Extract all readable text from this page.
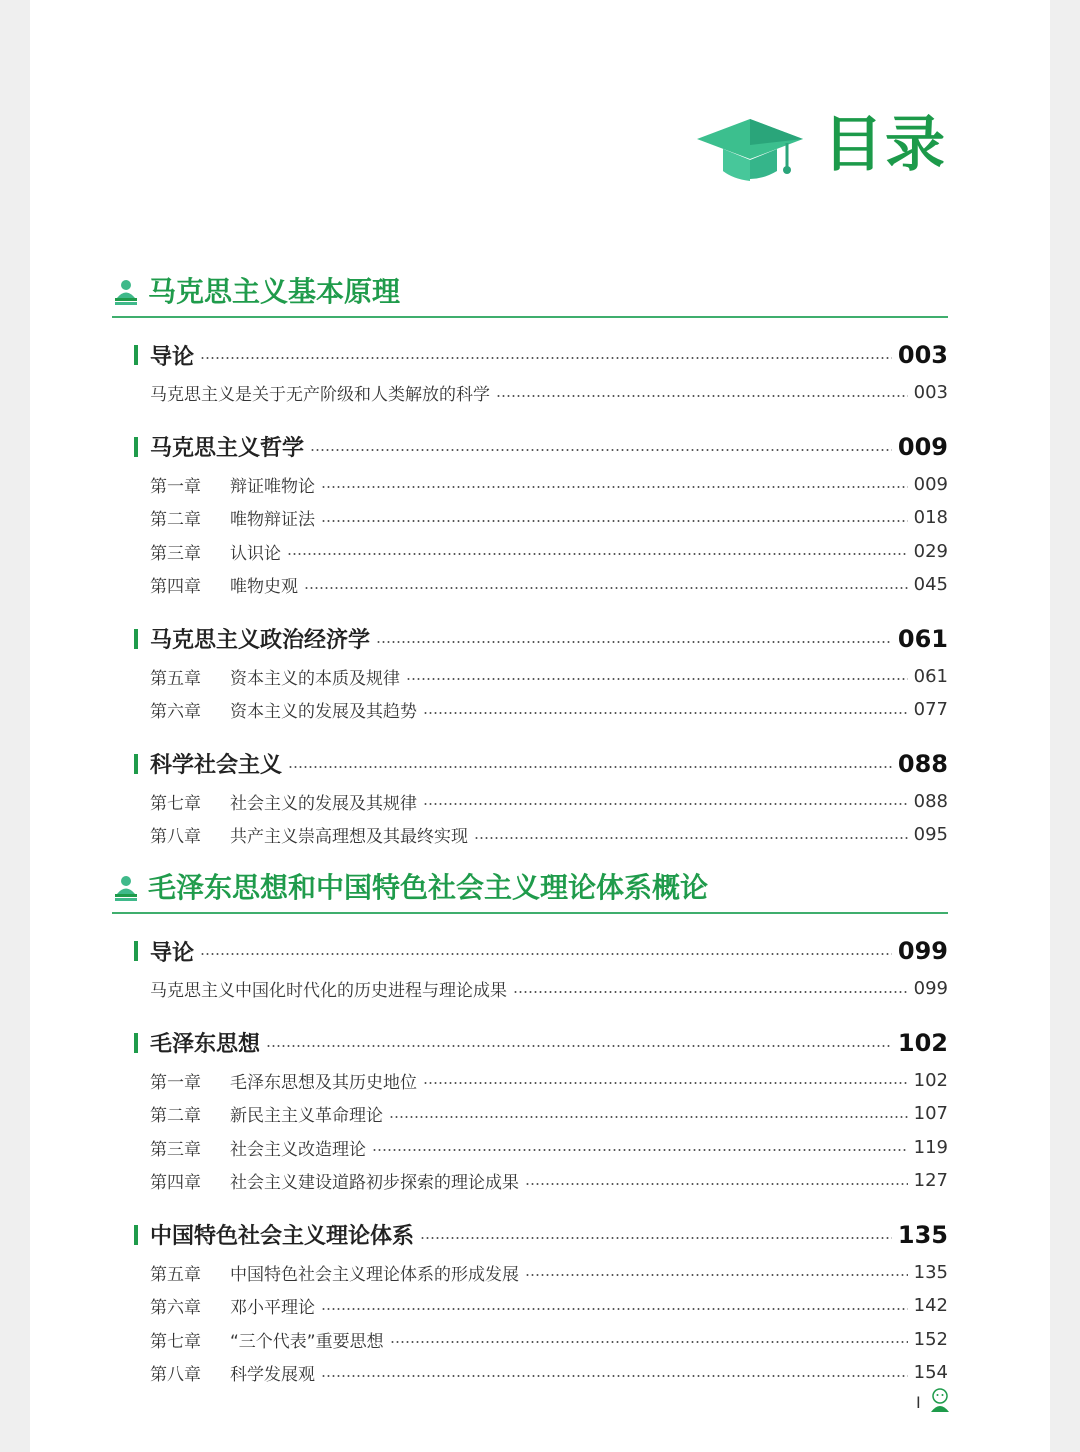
目录
马克思主义基本原理
导论	003
马克思主义是关于无产阶级和人类解放的科学	003
马克思主义哲学	009
第一章	辩证唯物论	009
第二章	唯物辩证法	018
第三章	认识论	029
第四章	唯物史观	045
马克思主义政治经济学	061
第五章	资本主义的本质及规律	061
第六章	资本主义的发展及其趋势	077
科学社会主义	088
第七章	社会主义的发展及其规律	088
第八章	共产主义崇高理想及其最终实现	095
毛泽东思想和中国特色社会主义理论体系概论
导论	099
马克思主义中国化时代化的历史进程与理论成果	099
毛泽东思想	102
第一章	毛泽东思想及其历史地位	102
第二章	新民主主义革命理论	107
第三章	社会主义改造理论	119
第四章	社会主义建设道路初步探索的理论成果	127
中国特色社会主义理论体系	135
第五章	中国特色社会主义理论体系的形成发展	135
第六章	邓小平理论	142
第七章	“三个代表”重要思想	152
第八章	科学发展观	154
I
